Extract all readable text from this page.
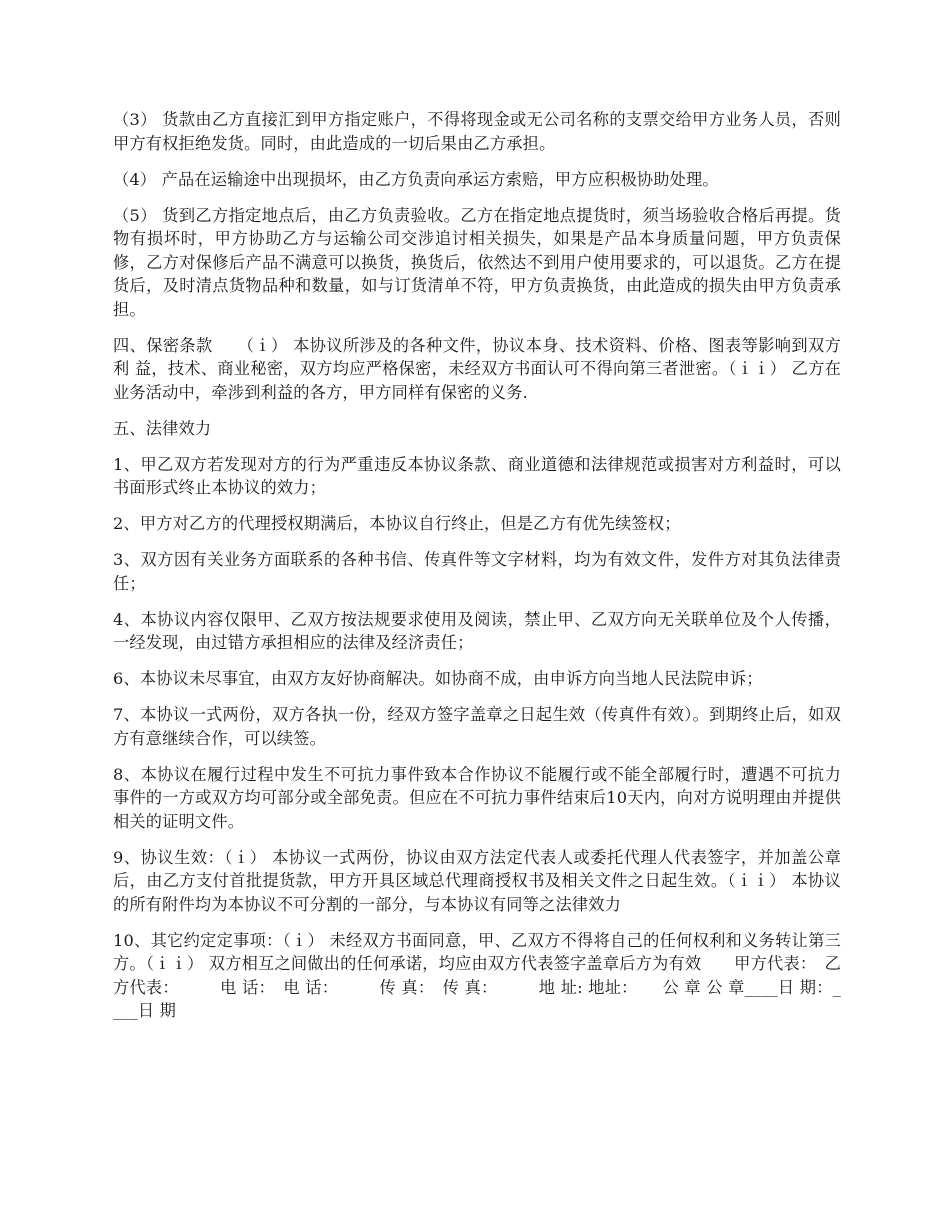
（3） 货款由乙方直接汇到甲方指定账户，不得将现金或无公司名称的支票交给甲方业务人员，否则甲方有权拒绝发货。同时，由此造成的一切后果由乙方承担。

（4） 产品在运输途中出现损坏，由乙方负责向承运方索赔，甲方应积极协助处理。

（5） 货到乙方指定地点后，由乙方负责验收。乙方在指定地点提货时，须当场验收合格后再提。货物有损坏时，甲方协助乙方与运输公司交涉追讨相关损失，如果是产品本身质量问题，甲方负责保修，乙方对保修后产品不满意可以换货，换货后，依然达不到用户使用要求的，可以退货。乙方在提货后，及时清点货物品种和数量，如与订货清单不符，甲方负责换货，由此造成的损失由甲方负责承担。

四、保密条款　　（ｉ） 本协议所涉及的各种文件，协议本身、技术资料、价格、图表等影响到双方利 益，技术、商业秘密，双方均应严格保密，未经双方书面认可不得向第三者泄密。（ｉｉ） 乙方在业务活动中，牵涉到利益的各方，甲方同样有保密的义务.

五、法律效力

1、甲乙双方若发现对方的行为严重违反本协议条款、商业道德和法律规范或损害对方利益时，可以书面形式终止本协议的效力；

2、甲方对乙方的代理授权期满后，本协议自行终止，但是乙方有优先续签权；

3、双方因有关业务方面联系的各种书信、传真件等文字材料，均为有效文件，发件方对其负法律责任；

4、本协议内容仅限甲、乙双方按法规要求使用及阅读，禁止甲、乙双方向无关联单位及个人传播，一经发现，由过错方承担相应的法律及经济责任；

6、本协议未尽事宜，由双方友好协商解决。如协商不成，由申诉方向当地人民法院申诉；

7、本协议一式两份，双方各执一份，经双方签字盖章之日起生效（传真件有效）。到期终止后，如双方有意继续合作，可以续签。

8、本协议在履行过程中发生不可抗力事件致本合作协议不能履行或不能全部履行时，遭遇不可抗力事件的一方或双方均可部分或全部免责。但应在不可抗力事件结束后10天内，向对方说明理由并提供相关的证明文件。

9、协议生效：（ｉ） 本协议一式两份，协议由双方法定代表人或委托代理人代表签字，并加盖公章后，由乙方支付首批提货款，甲方开具区域总代理商授权书及相关文件之日起生效。（ｉｉ） 本协议的所有附件均为本协议不可分割的一部分，与本协议有同等之法律效力

10、其它约定定事项：（ｉ） 未经双方书面同意，甲、乙双方不得将自己的任何权利和义务转让第三方。（ｉｉ） 双方相互之间做出的任何承诺，均应由双方代表签字盖章后方为有效　　甲方代表：　乙方代表：　　　电 话：　电 话：　　　传 真：　传 真：　　　地 址: 地址：　　公 章 公 章____日 期：____日 期
